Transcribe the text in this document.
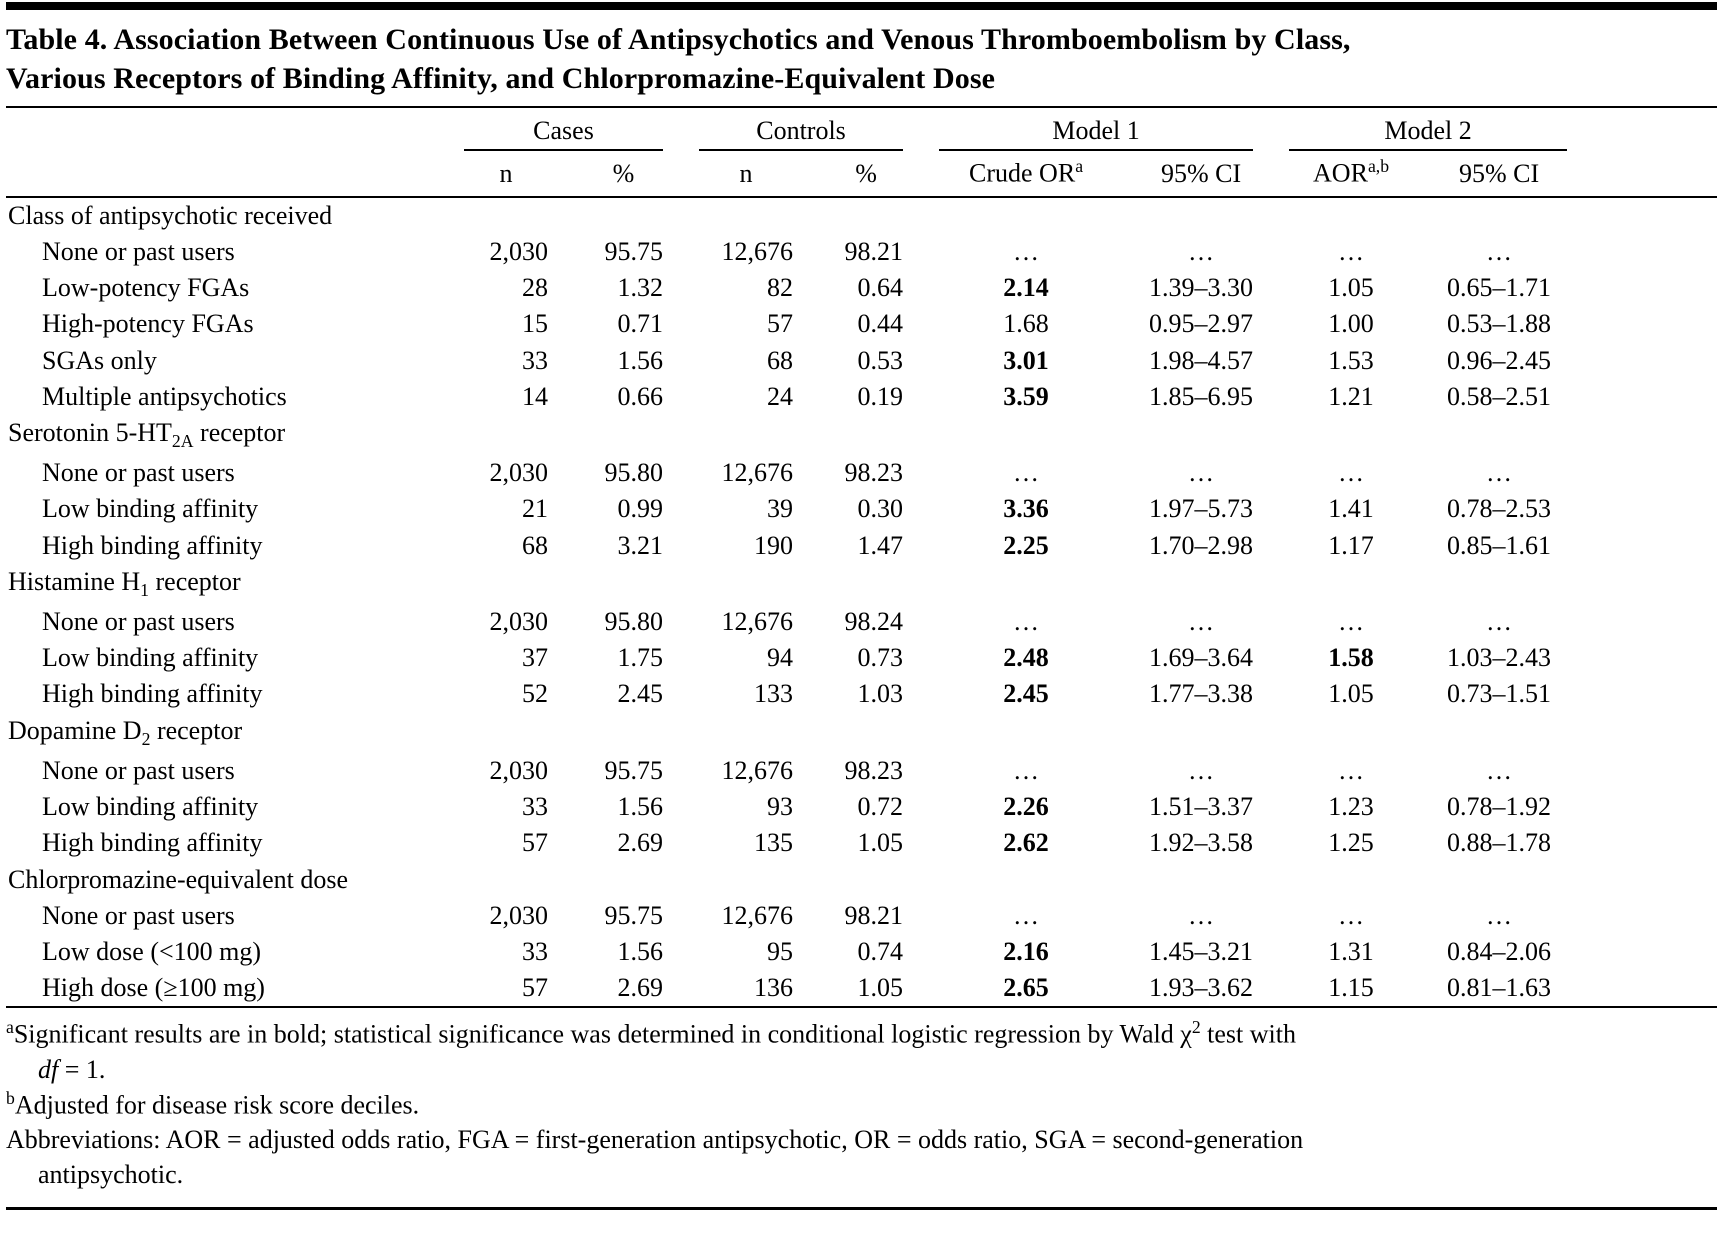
Table 4. Association Between Continuous Use of Antipsychotics and Venous Thromboembolism by Class,
Various Receptors of Binding Affinity, and Chlorpromazine-Equivalent Dose

	Cases		Controls		Model 1		Model 2	

	n	%	n	%	Crude $OR^a$	95% CI	AOR$^{a,b}$	95% CI
Class of antipsychotic received								
None or past users	2,030	95.75	12,676	98.21	…	…	…	…
Low-potency FGAs	28	1.32	82	0.64	2.14	1.39–3.30	1.05	0.65–1.71
High-potency FGAs	15	0.71	57	0.44	1.68	0.95–2.97	1.00	0.53–1.88
SGAs only	33	1.56	68	0.53	3.01	1.98–4.57	1.53	0.96–2.45
Multiple antipsychotics	14	0.66	24	0.19	3.59	1.85–6.95	1.21	0.58–2.51
Serotonin $5-HT_{2A}$ receptor								
None or past users	2,030	95.80	12,676	98.23	…	…	…	…
Low binding affinity	21	0.99	39	0.30	3.36	1.97–5.73	1.41	0.78–2.53
High binding affinity	68	3.21	190	1.47	2.25	1.70–2.98	1.17	0.85–1.61
Histamine $H_1$ receptor								
None or past users	2,030	95.80	12,676	98.24	…	…	…	…
Low binding affinity	37	1.75	94	0.73	2.48	1.69–3.64	1.58	1.03–2.43
High binding affinity	52	2.45	133	1.03	2.45	1.77–3.38	1.05	0.73–1.51
Dopamine $D_2$ receptor								
None or past users	2,030	95.75	12,676	98.23	…	…	…	…
Low binding affinity	33	1.56	93	0.72	2.26	1.51–3.37	1.23	0.78–1.92
High binding affinity	57	2.69	135	1.05	2.62	1.92–3.58	1.25	0.88–1.78
Chlorpromazine-equivalent dose								
None or past users	2,030	95.75	12,676	98.21	…	…	…	…
Low dose (<100 mg)	33	1.56	95	0.74	2.16	1.45–3.21	1.31	0.84–2.06
High dose (≥100 mg)	57	2.69	136	1.05	2.65	1.93–3.62	1.15	0.81–1.63
$^a$Significant results are in bold; statistical significance was determined in conditional logistic regression by Wald $\chi^2$ test with
df = 1.
$^b$Adjusted for disease risk score deciles.
Abbreviations: AOR = adjusted odds ratio, FGA = first-generation antipsychotic, OR = odds ratio, SGA = second-generation
antipsychotic.
